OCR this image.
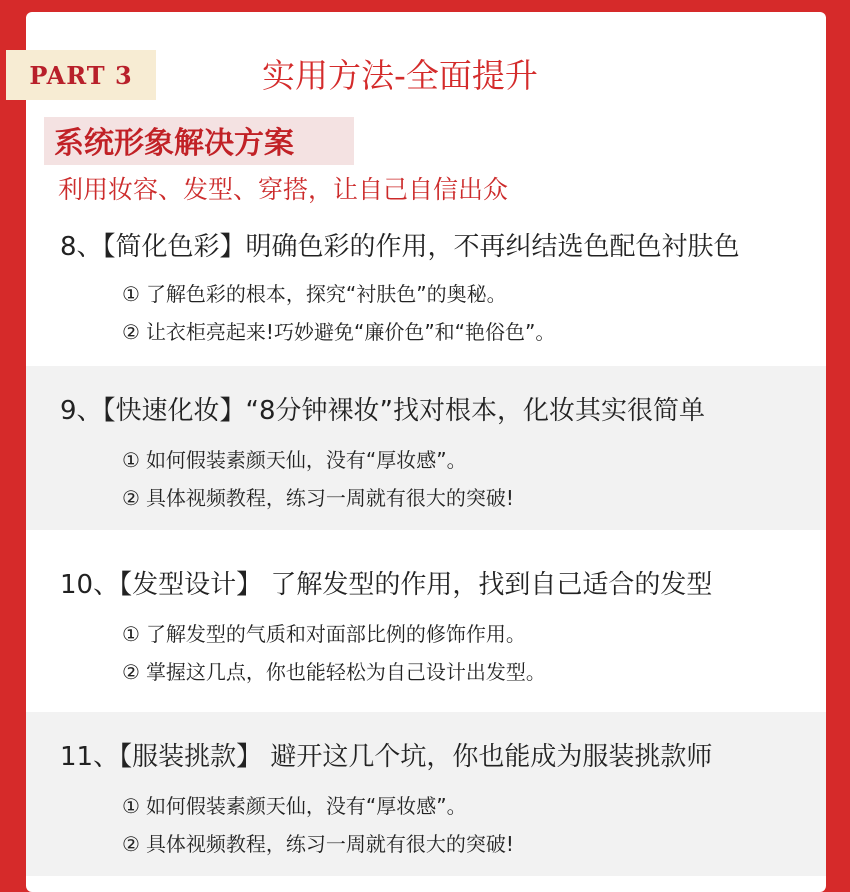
PART 3	实用方法-全面提升
系统形象解决方案
利用妆容、发型、穿搭，让自己自信出众
8、【简化色彩】明确色彩的作用，不再纠结选色配色衬肤色
① 了解色彩的根本，探究“衬肤色”的奥秘。
② 让衣柜亮起来!巧妙避免“廉价色”和“艳俗色”。
9、【快速化妆】“8分钟裸妆”找对根本，化妆其实很简单
① 如何假装素颜天仙，没有“厚妆感”。
② 具体视频教程，练习一周就有很大的突破!
10、【发型设计】 了解发型的作用，找到自己适合的发型
① 了解发型的气质和对面部比例的修饰作用。
② 掌握这几点，你也能轻松为自己设计出发型。
11、【服装挑款】 避开这几个坑，你也能成为服装挑款师
① 如何假装素颜天仙，没有“厚妆感”。
② 具体视频教程，练习一周就有很大的突破!
